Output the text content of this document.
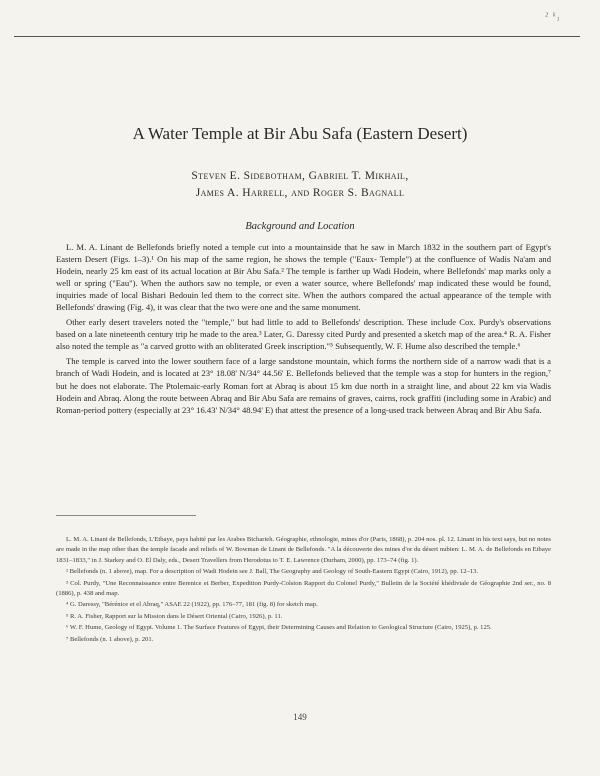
² ᵏ₁
A Water Temple at Bir Abu Safa (Eastern Desert)
Steven E. Sidebotham, Gabriel T. Mikhail,
James A. Harrell, and Roger S. Bagnall
Background and Location

L. M. A. Linant de Bellefonds briefly noted a temple cut into a mountainside that he saw in March 1832 in the southern part of Egypt's Eastern Desert (Figs. 1–3).¹ On his map of the same region, he shows the temple ("Eaux- Temple") at the confluence of Wadis Na'am and Hodein, nearly 25 km east of its actual location at Bir Abu Safa.² The temple is farther up Wadi Hodein, where Bellefonds' map marks only a well or spring ("Eau"). When the authors saw no temple, or even a water source, where Bellefonds' map indicated these would be found, inquiries made of local Bishari Bedouin led them to the correct site. When the authors compared the actual appearance of the temple with Bellefonds' drawing (Fig. 4), it was clear that the two were one and the same monument.

Other early desert travelers noted the "temple," but had little to add to Bellefonds' description. These include Cox. Purdy's observations based on a late nineteenth century trip he made to the area.³ Later, G. Daressy cited Purdy and presented a sketch map of the area.⁴ R. A. Fisher also noted the temple as "a carved grotto with an obliterated Greek inscription."⁵ Subsequently, W. F. Hume also described the temple.⁶

The temple is carved into the lower southern face of a large sandstone mountain, which forms the northern side of a narrow wadi that is a branch of Wadi Hodein, and is located at 23° 18.08' N/34° 44.56' E. Bellefonds believed that the temple was a stop for hunters in the region,⁷ but he does not elaborate. The Ptolemaic-early Roman fort at Abraq is about 15 km due north in a straight line, and about 22 km via Wadis Hodein and Abraq. Along the route between Abraq and Bir Abu Safa are remains of graves, cairns, rock graffiti (including some in Arabic) and Roman-period pottery (especially at 23° 16.43' N/34° 48.94' E) that attest the presence of a long-used track between Abraq and Bir Abu Safa.

L. M. A. Linant de Bellefonds, L'Etbaye, pays habité par les Arabes Bicharieh. Géographie, ethnologie, mines d'or (Paris, 1868), p. 204 nos. pl. 12. Linant in his text says, but no notes are made in the map other than the temple facade and reliefs of W. Bowman de Linant de Bellefonds. "A la découverte des mines d'or du désert nubien: L. M. A. de Bellefonds en Etbaye 1831–1833," in J. Starkey and O. El Daly, eds., Desert Travellers from Herodotus to T. E. Lawrence (Durham, 2000), pp. 173–74 (fig. 1).
² Bellefonds (n. 1 above), map. For a description of Wadi Hodein see J. Ball, The Geography and Geology of South-Eastern Egypt (Cairo, 1912), pp. 12–13.
³ Col. Purdy, "Une Reconnaissance entre Berenice et Berber, Expedition Purdy-Colston Rapport du Colonel Purdy," Bulletin de la Société khédiviale de Géographie 2nd ser., no. 8 (1886), p. 438 and map.
⁴ G. Daressy, "Bérénice et el Abraq," ASAE 22 (1922), pp. 176–77, 181 (fig. 8) for sketch map.
⁵ R. A. Fisher, Rapport sur la Mission dans le Désert Oriental (Cairo, 1926), p. 11.
⁶ W. F. Hume, Geology of Egypt. Volume 1. The Surface Features of Egypt, their Determining Causes and Relation to Geological Structure (Cairo, 1925), p. 125.
⁷ Bellefonds (n. 1 above), p. 201.
149
